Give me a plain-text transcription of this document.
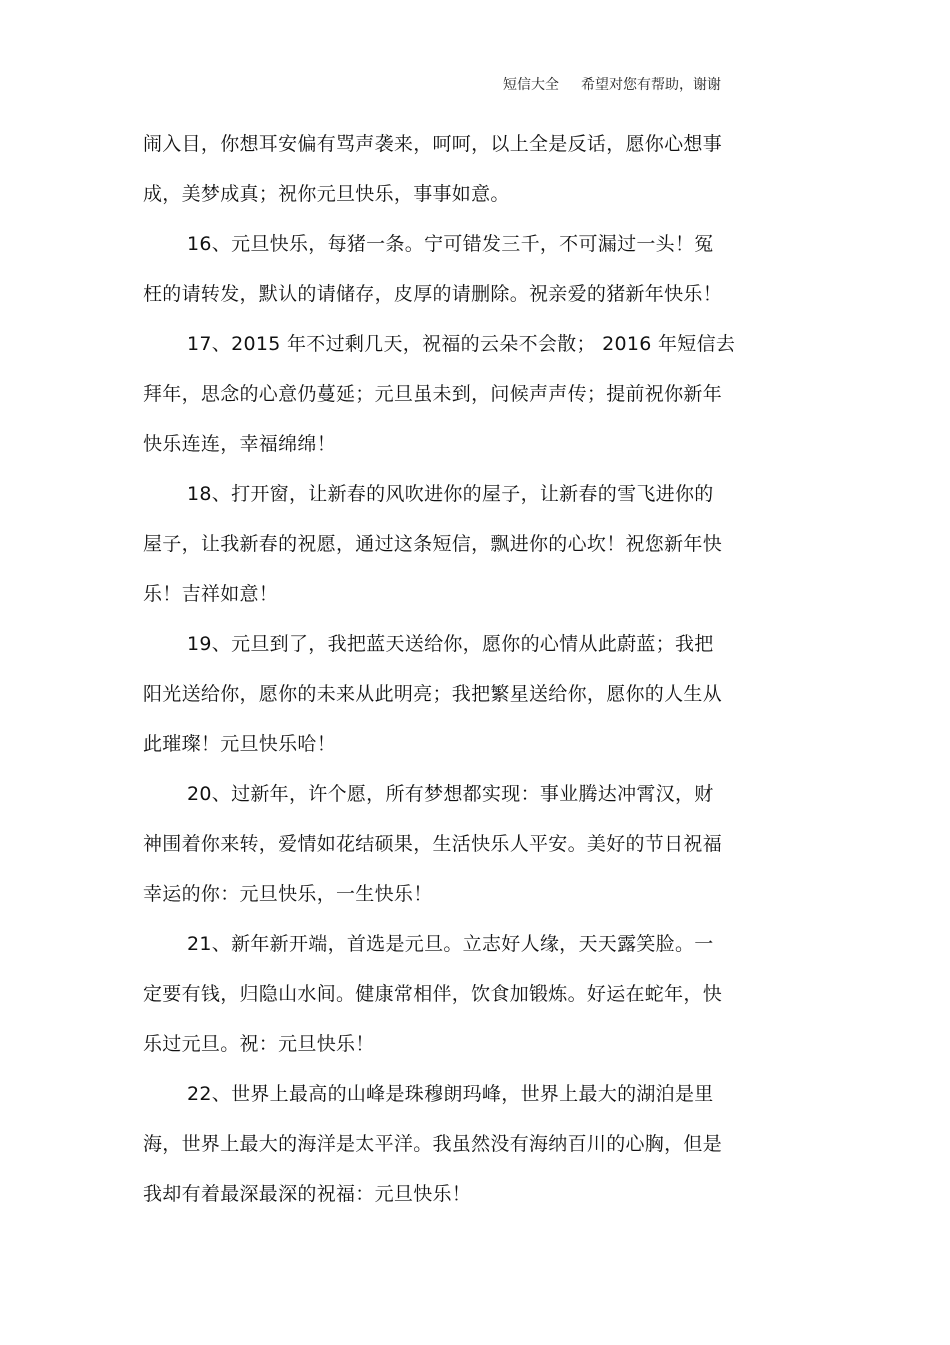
短信大全 希望对您有帮助，谢谢
闹入目，你想耳安偏有骂声袭来，呵呵，以上全是反话，愿你心想事
成，美梦成真；祝你元旦快乐，事事如意。
16、元旦快乐，每猪一条。宁可错发三千，不可漏过一头！冤
枉的请转发，默认的请储存，皮厚的请删除。祝亲爱的猪新年快乐！
17、2015 年不过剩几天，祝福的云朵不会散； 2016 年短信去
拜年，思念的心意仍蔓延；元旦虽未到，问候声声传；提前祝你新年
快乐连连，幸福绵绵！
18、打开窗，让新春的风吹进你的屋子，让新春的雪飞进你的
屋子，让我新春的祝愿，通过这条短信，飘进你的心坎！祝您新年快
乐！吉祥如意！
19、元旦到了，我把蓝天送给你，愿你的心情从此蔚蓝；我把
阳光送给你，愿你的未来从此明亮；我把繁星送给你，愿你的人生从
此璀璨！元旦快乐哈！
20、过新年，许个愿，所有梦想都实现：事业腾达冲霄汉，财
神围着你来转，爱情如花结硕果，生活快乐人平安。美好的节日祝福
幸运的你：元旦快乐，一生快乐！
21、新年新开端，首选是元旦。立志好人缘，天天露笑脸。一
定要有钱，归隐山水间。健康常相伴，饮食加锻炼。好运在蛇年，快
乐过元旦。祝：元旦快乐！
22、世界上最高的山峰是珠穆朗玛峰，世界上最大的湖泊是里
海，世界上最大的海洋是太平洋。我虽然没有海纳百川的心胸，但是
我却有着最深最深的祝福：元旦快乐！
